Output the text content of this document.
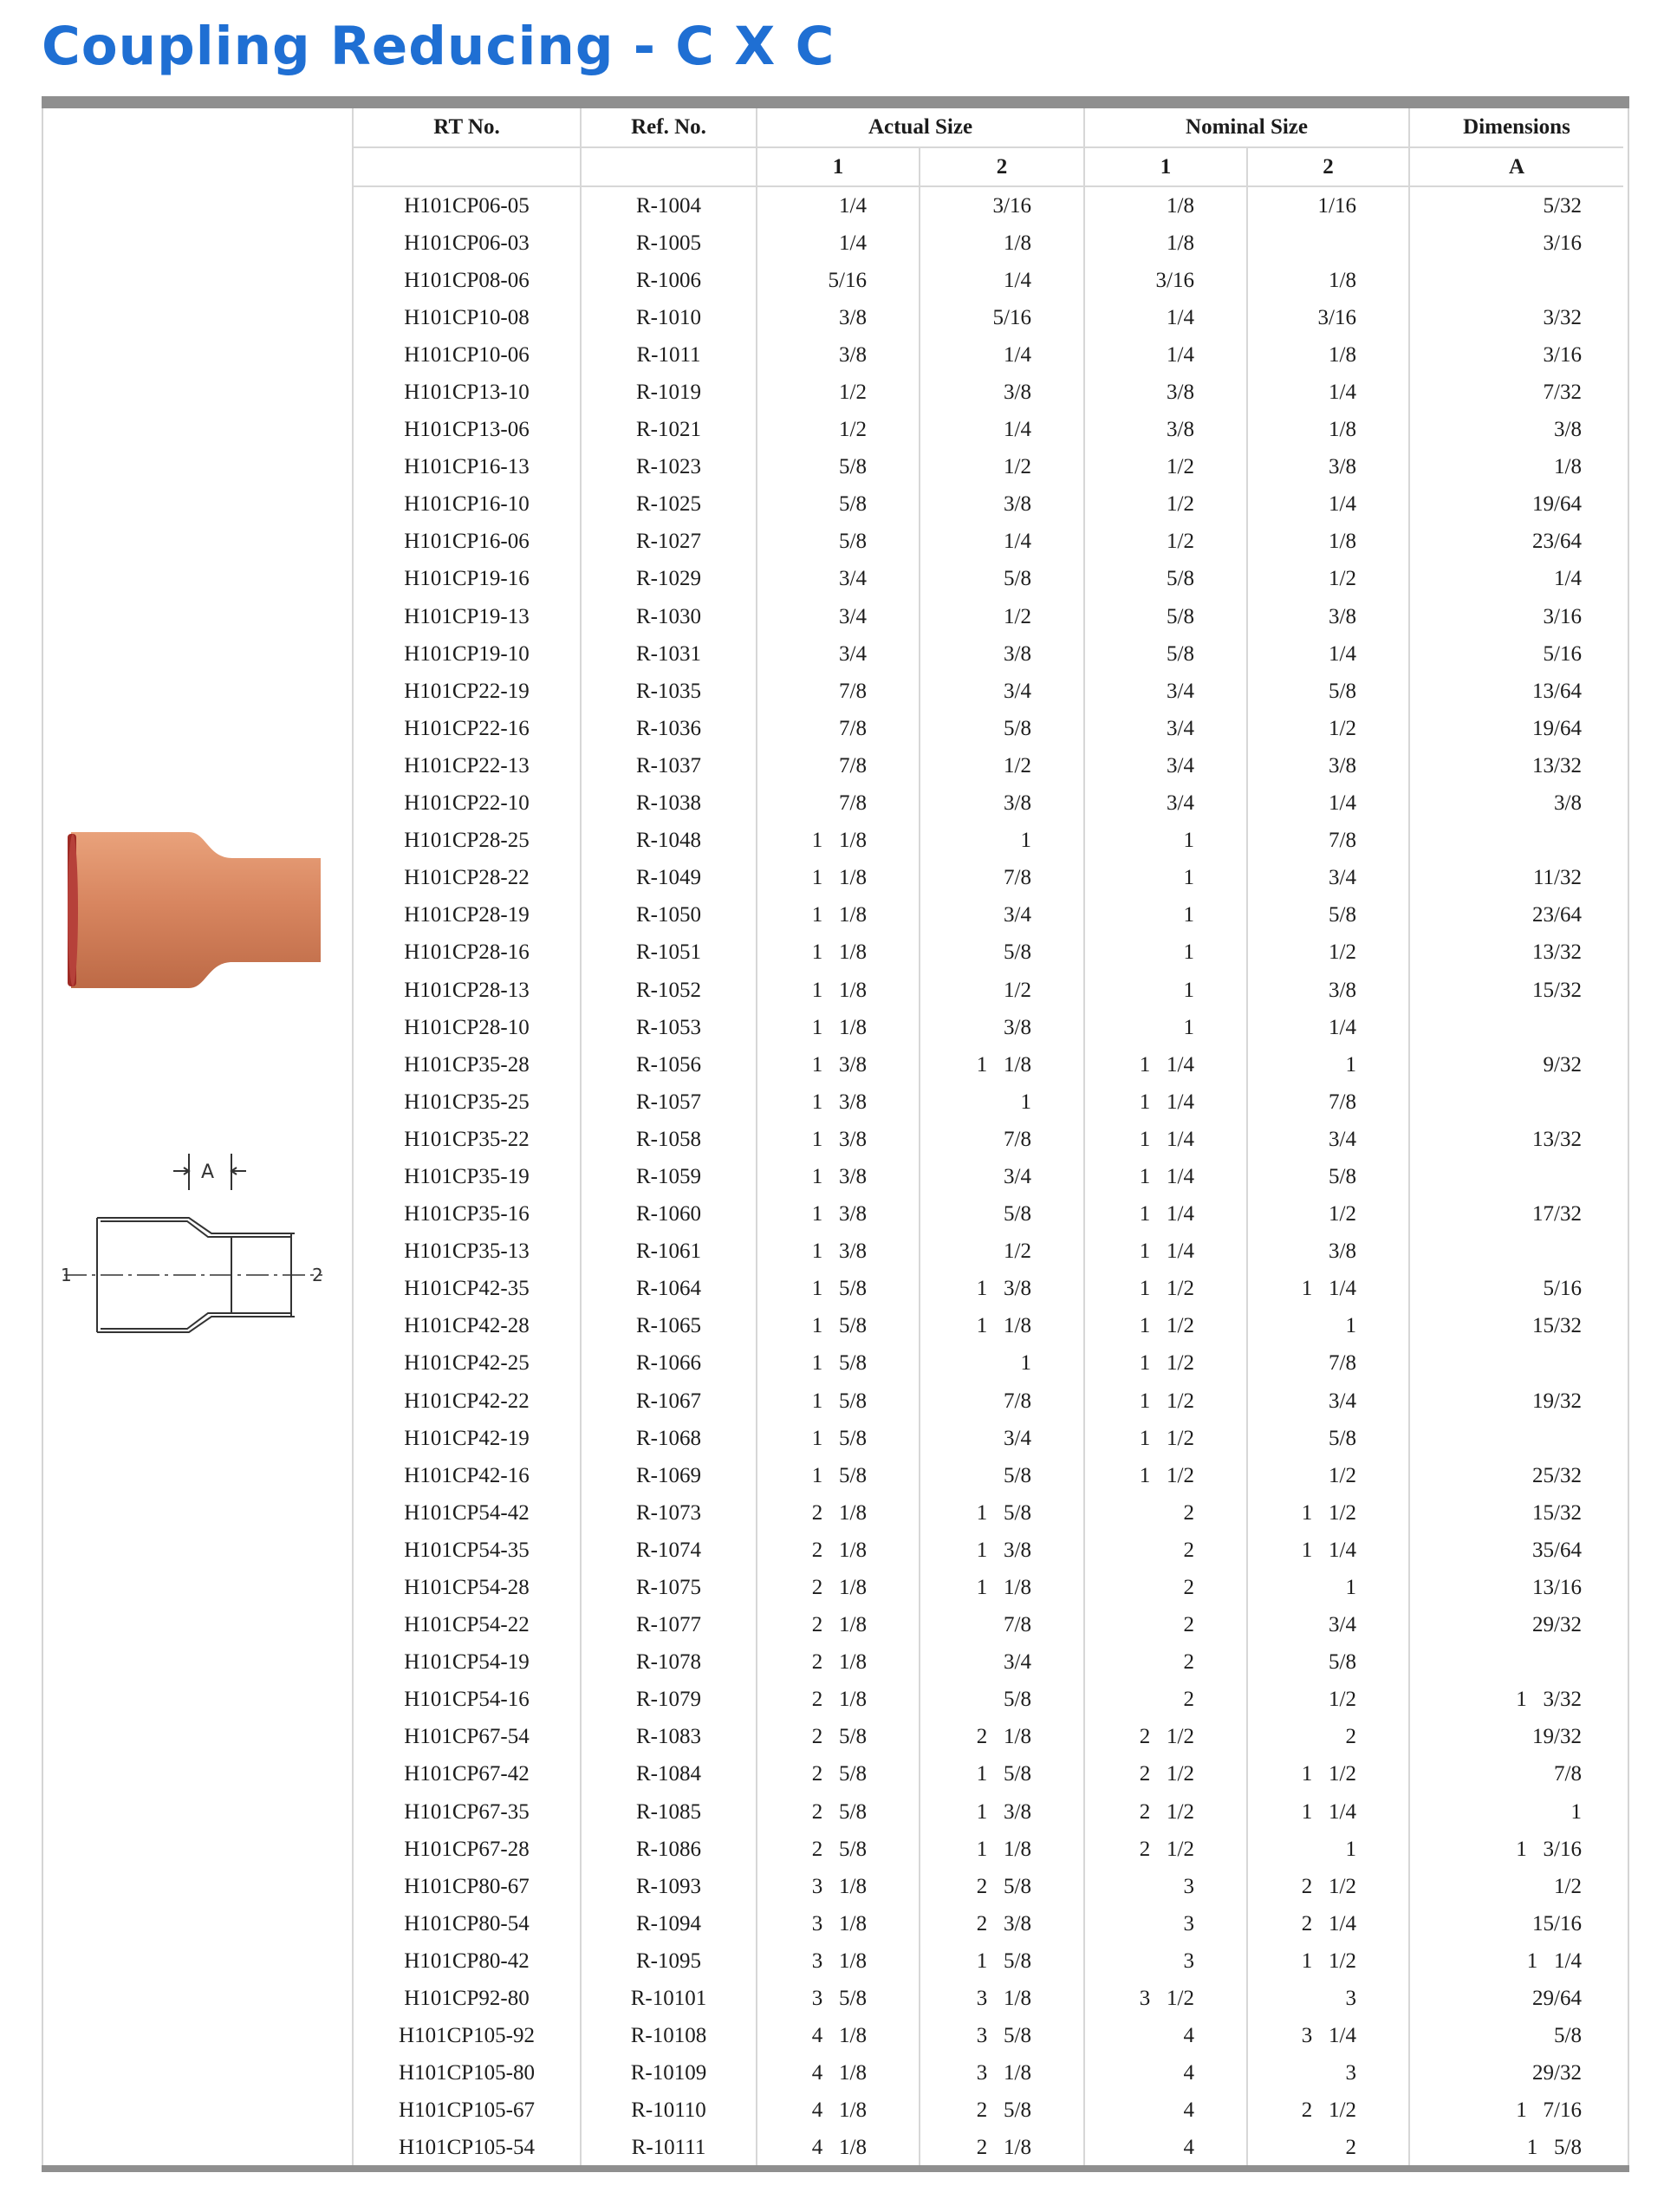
Coupling Reducing - C X C
A
1	2
RT No.	Ref. No.	Actual Size		Nominal Size		Dimensions
		1	2	1	2	A
H101CP06-05	R-1004	1/4	3/16	1/8	1/16	5/32
H101CP06-03	R-1005	1/4	1/8	1/8		3/16
H101CP08-06	R-1006	5/16	1/4	3/16	1/8	
H101CP10-08	R-1010	3/8	5/16	1/4	3/16	3/32
H101CP10-06	R-1011	3/8	1/4	1/4	1/8	3/16
H101CP13-10	R-1019	1/2	3/8	3/8	1/4	7/32
H101CP13-06	R-1021	1/2	1/4	3/8	1/8	3/8
H101CP16-13	R-1023	5/8	1/2	1/2	3/8	1/8
H101CP16-10	R-1025	5/8	3/8	1/2	1/4	19/64
H101CP16-06	R-1027	5/8	1/4	1/2	1/8	23/64
H101CP19-16	R-1029	3/4	5/8	5/8	1/2	1/4
H101CP19-13	R-1030	3/4	1/2	5/8	3/8	3/16
H101CP19-10	R-1031	3/4	3/8	5/8	1/4	5/16
H101CP22-19	R-1035	7/8	3/4	3/4	5/8	13/64
H101CP22-16	R-1036	7/8	5/8	3/4	1/2	19/64
H101CP22-13	R-1037	7/8	1/2	3/4	3/8	13/32
H101CP22-10	R-1038	7/8	3/8	3/4	1/4	3/8
H101CP28-25	R-1048	1   1/8	1	1	7/8	
H101CP28-22	R-1049	1   1/8	7/8	1	3/4	11/32
H101CP28-19	R-1050	1   1/8	3/4	1	5/8	23/64
H101CP28-16	R-1051	1   1/8	5/8	1	1/2	13/32
H101CP28-13	R-1052	1   1/8	1/2	1	3/8	15/32
H101CP28-10	R-1053	1   1/8	3/8	1	1/4	
H101CP35-28	R-1056	1   3/8	1   1/8	1   1/4	1	9/32
H101CP35-25	R-1057	1   3/8	1	1   1/4	7/8	
H101CP35-22	R-1058	1   3/8	7/8	1   1/4	3/4	13/32
H101CP35-19	R-1059	1   3/8	3/4	1   1/4	5/8	
H101CP35-16	R-1060	1   3/8	5/8	1   1/4	1/2	17/32
H101CP35-13	R-1061	1   3/8	1/2	1   1/4	3/8	
H101CP42-35	R-1064	1   5/8	1   3/8	1   1/2	1   1/4	5/16
H101CP42-28	R-1065	1   5/8	1   1/8	1   1/2	1	15/32
H101CP42-25	R-1066	1   5/8	1	1   1/2	7/8	
H101CP42-22	R-1067	1   5/8	7/8	1   1/2	3/4	19/32
H101CP42-19	R-1068	1   5/8	3/4	1   1/2	5/8	
H101CP42-16	R-1069	1   5/8	5/8	1   1/2	1/2	25/32
H101CP54-42	R-1073	2   1/8	1   5/8	2	1   1/2	15/32
H101CP54-35	R-1074	2   1/8	1   3/8	2	1   1/4	35/64
H101CP54-28	R-1075	2   1/8	1   1/8	2	1	13/16
H101CP54-22	R-1077	2   1/8	7/8	2	3/4	29/32
H101CP54-19	R-1078	2   1/8	3/4	2	5/8	
H101CP54-16	R-1079	2   1/8	5/8	2	1/2	1   3/32
H101CP67-54	R-1083	2   5/8	2   1/8	2   1/2	2	19/32
H101CP67-42	R-1084	2   5/8	1   5/8	2   1/2	1   1/2	7/8
H101CP67-35	R-1085	2   5/8	1   3/8	2   1/2	1   1/4	1
H101CP67-28	R-1086	2   5/8	1   1/8	2   1/2	1	1   3/16
H101CP80-67	R-1093	3   1/8	2   5/8	3	2   1/2	1/2
H101CP80-54	R-1094	3   1/8	2   3/8	3	2   1/4	15/16
H101CP80-42	R-1095	3   1/8	1   5/8	3	1   1/2	1   1/4
H101CP92-80	R-10101	3   5/8	3   1/8	3   1/2	3	29/64
H101CP105-92	R-10108	4   1/8	3   5/8	4	3   1/4	5/8
H101CP105-80	R-10109	4   1/8	3   1/8	4	3	29/32
H101CP105-67	R-10110	4   1/8	2   5/8	4	2   1/2	1   7/16
H101CP105-54	R-10111	4   1/8	2   1/8	4	2	1   5/8
